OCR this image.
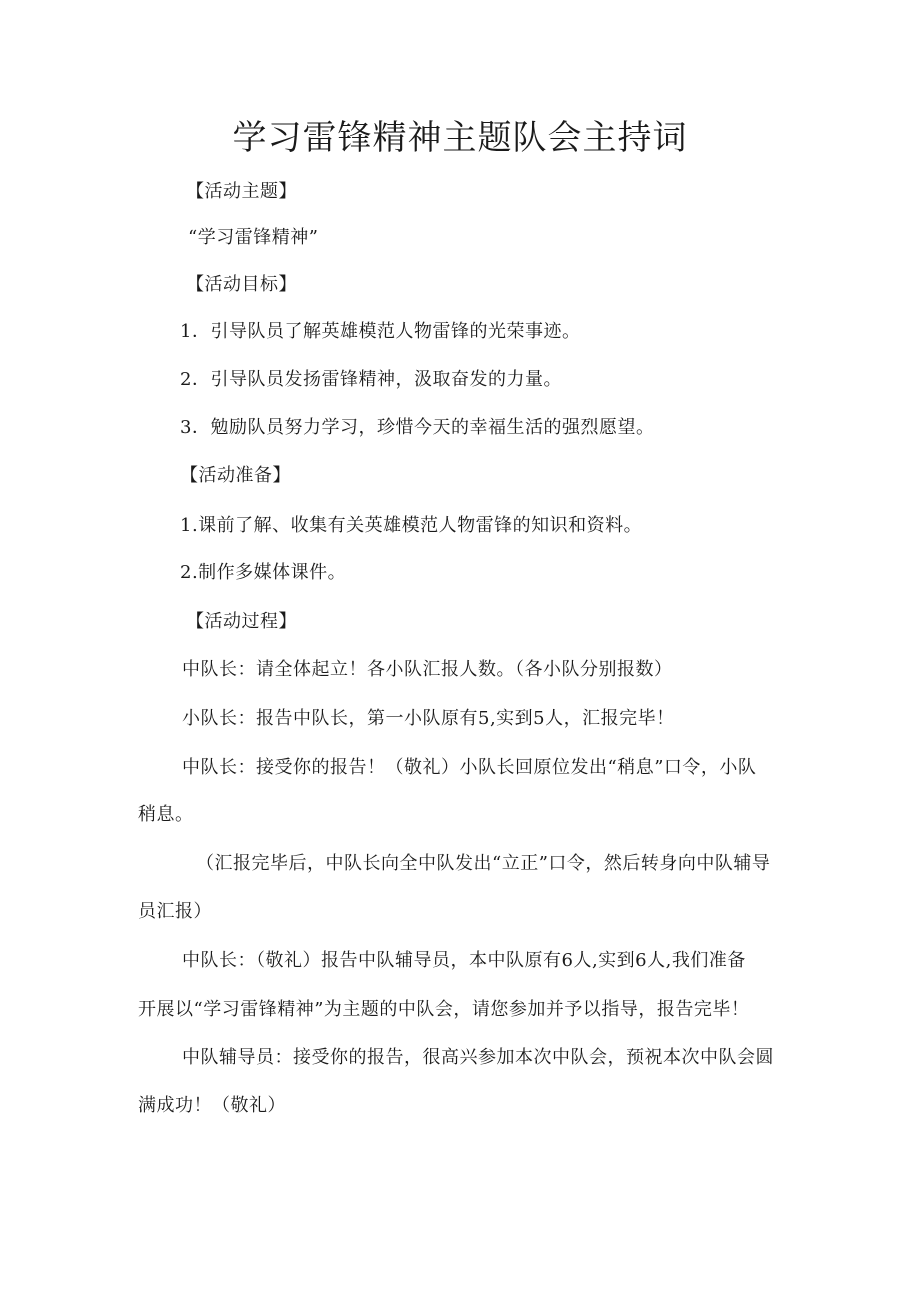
学习雷锋精神主题队会主持词
【活动主题】
“学习雷锋精神”
【活动目标】
1．引导队员了解英雄模范人物雷锋的光荣事迹。
2．引导队员发扬雷锋精神，汲取奋发的力量。
3．勉励队员努力学习，珍惜今天的幸福生活的强烈愿望。
【活动准备】
1.课前了解、收集有关英雄模范人物雷锋的知识和资料。
2.制作多媒体课件。
【活动过程】
中队长：请全体起立！各小队汇报人数。（各小队分别报数）
小队长：报告中队长，第一小队原有5,实到5人，汇报完毕！
中队长：接受你的报告！（敬礼）小队长回原位发出“稍息”口令，小队
稍息。
（汇报完毕后，中队长向全中队发出“立正”口令，然后转身向中队辅导
员汇报）
中队长：（敬礼）报告中队辅导员，本中队原有6人,实到6人,我们准备
开展以“学习雷锋精神”为主题的中队会，请您参加并予以指导，报告完毕！
中队辅导员：接受你的报告，很高兴参加本次中队会，预祝本次中队会圆
满成功！（敬礼）
